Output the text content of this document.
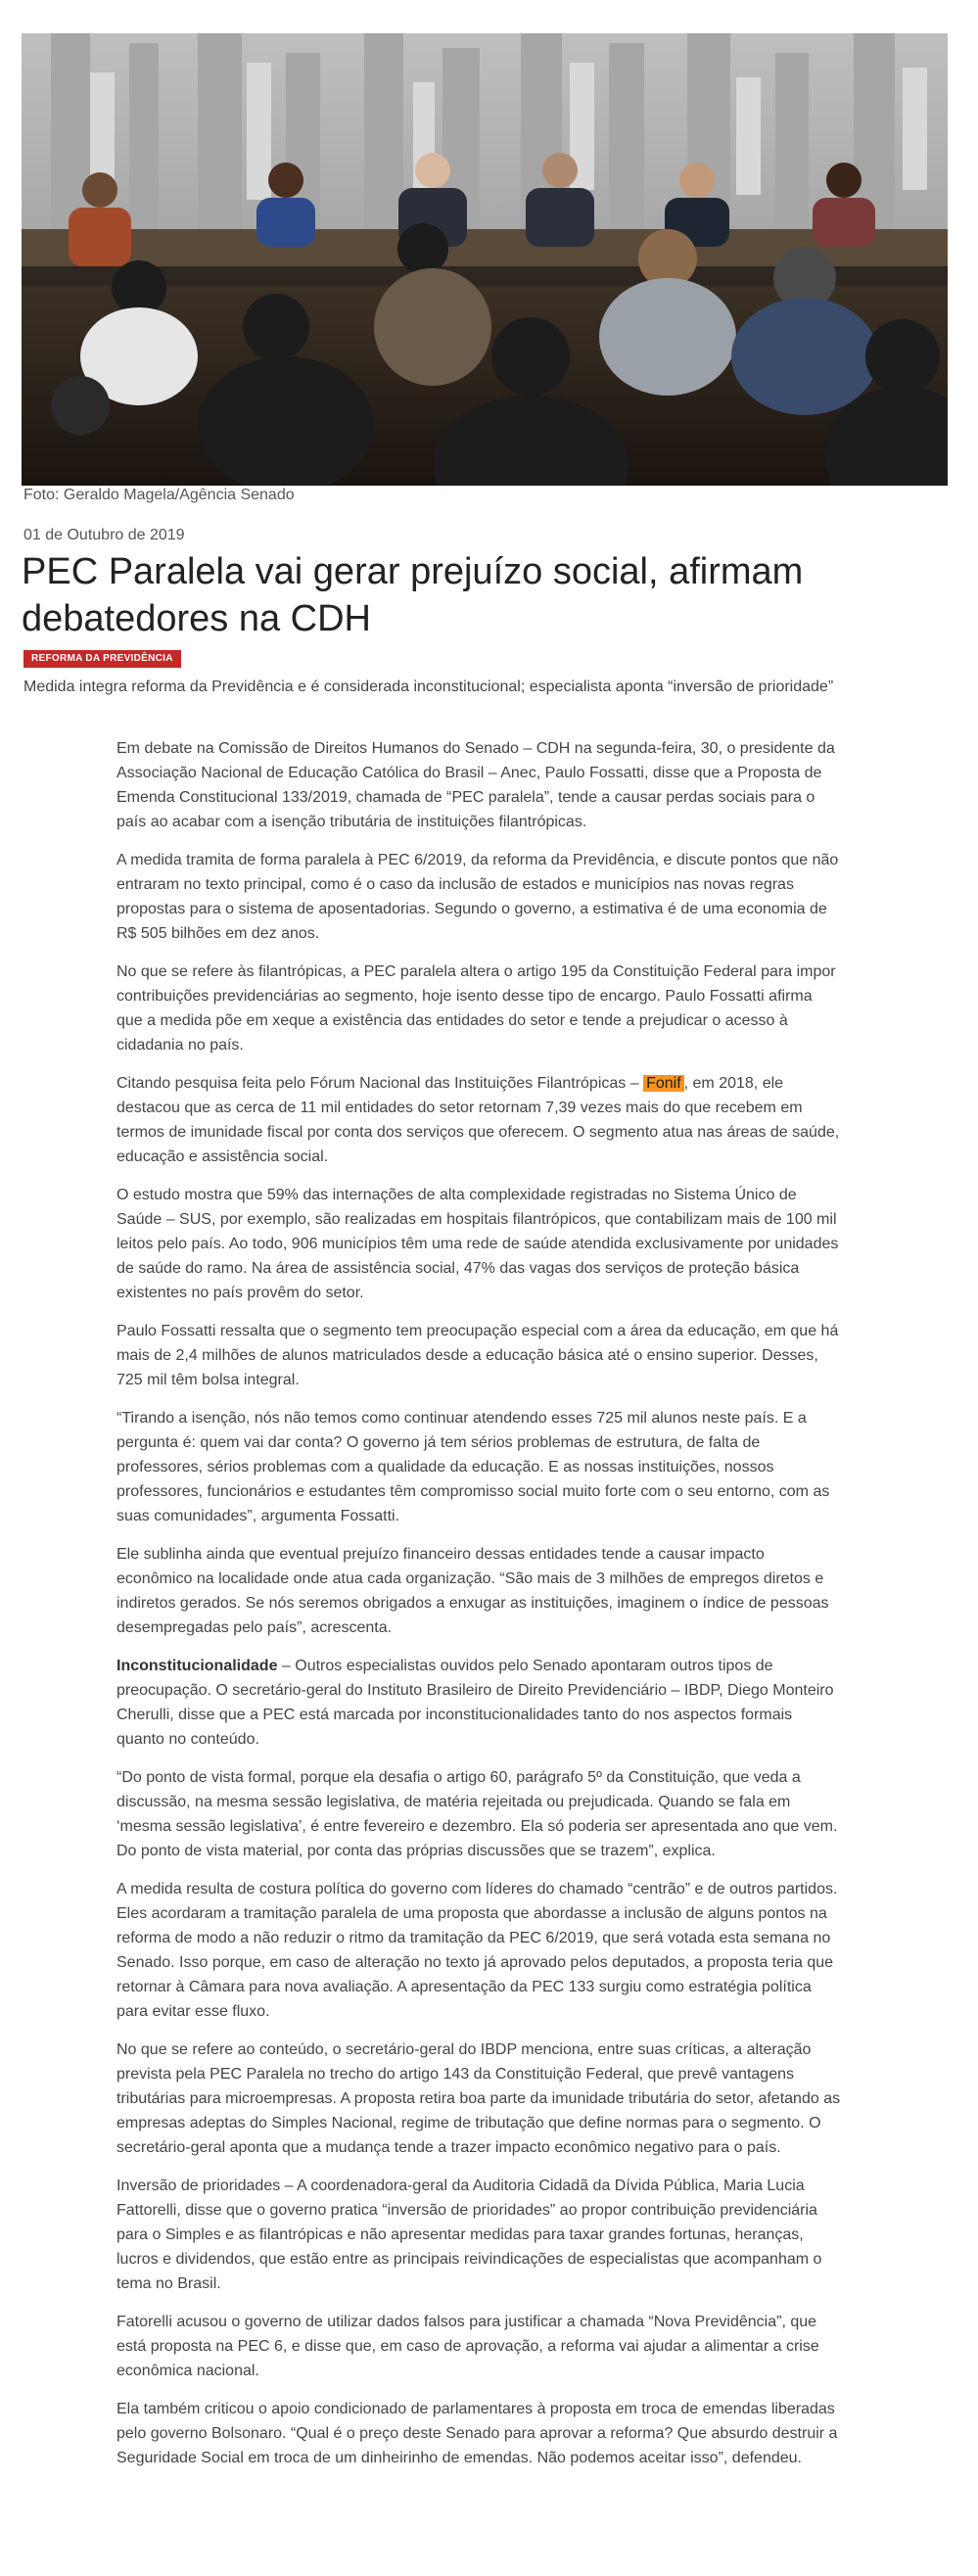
Foto: Geraldo Magela/Agência Senado
01 de Outubro de 2019
PEC Paralela vai gerar prejuízo social, afirmam debatedores na CDH
REFORMA DA PREVIDÊNCIA
Medida integra reforma da Previdência e é considerada inconstitucional; especialista aponta “inversão de prioridade”

Em debate na Comissão de Direitos Humanos do Senado – CDH na segunda-feira, 30, o presidente da Associação Nacional de Educação Católica do Brasil – Anec, Paulo Fossatti, disse que a Proposta de Emenda Constitucional 133/2019, chamada de “PEC paralela”, tende a causar perdas sociais para o país ao acabar com a isenção tributária de instituições filantrópicas.

A medida tramita de forma paralela à PEC 6/2019, da reforma da Previdência, e discute pontos que não entraram no texto principal, como é o caso da inclusão de estados e municípios nas novas regras propostas para o sistema de aposentadorias. Segundo o governo, a estimativa é de uma economia de R$ 505 bilhões em dez anos.

No que se refere às filantrópicas, a PEC paralela altera o artigo 195 da Constituição Federal para impor contribuições previdenciárias ao segmento, hoje isento desse tipo de encargo. Paulo Fossatti afirma que a medida põe em xeque a existência das entidades do setor e tende a prejudicar o acesso à cidadania no país.

Citando pesquisa feita pelo Fórum Nacional das Instituições Filantrópicas – Fonif , em 2018, ele destacou que as cerca de 11 mil entidades do setor retornam 7,39 vezes mais do que recebem em termos de imunidade fiscal por conta dos serviços que oferecem. O segmento atua nas áreas de saúde, educação e assistência social.

O estudo mostra que 59% das internações de alta complexidade registradas no Sistema Único de Saúde – SUS, por exemplo, são realizadas em hospitais filantrópicos, que contabilizam mais de 100 mil leitos pelo país. Ao todo, 906 municípios têm uma rede de saúde atendida exclusivamente por unidades de saúde do ramo. Na área de assistência social, 47% das vagas dos serviços de proteção básica existentes no país provêm do setor.

Paulo Fossatti ressalta que o segmento tem preocupação especial com a área da educação, em que há mais de 2,4 milhões de alunos matriculados desde a educação básica até o ensino superior. Desses, 725 mil têm bolsa integral.

“Tirando a isenção, nós não temos como continuar atendendo esses 725 mil alunos neste país. E a pergunta é: quem vai dar conta? O governo já tem sérios problemas de estrutura, de falta de professores, sérios problemas com a qualidade da educação. E as nossas instituições, nossos professores, funcionários e estudantes têm compromisso social muito forte com o seu entorno, com as suas comunidades”, argumenta Fossatti.

Ele sublinha ainda que eventual prejuízo financeiro dessas entidades tende a causar impacto econômico na localidade onde atua cada organização. “São mais de 3 milhões de empregos diretos e indiretos gerados. Se nós seremos obrigados a enxugar as instituições, imaginem o índice de pessoas desempregadas pelo país”, acrescenta.

Inconstitucionalidade – Outros especialistas ouvidos pelo Senado apontaram outros tipos de preocupação. O secretário-geral do Instituto Brasileiro de Direito Previdenciário – IBDP, Diego Monteiro Cherulli, disse que a PEC está marcada por inconstitucionalidades tanto do nos aspectos formais quanto no conteúdo.

“Do ponto de vista formal, porque ela desafia o artigo 60, parágrafo 5º da Constituição, que veda a discussão, na mesma sessão legislativa, de matéria rejeitada ou prejudicada. Quando se fala em ‘mesma sessão legislativa’, é entre fevereiro e dezembro. Ela só poderia ser apresentada ano que vem. Do ponto de vista material, por conta das próprias discussões que se trazem”, explica.

A medida resulta de costura política do governo com líderes do chamado “centrão” e de outros partidos. Eles acordaram a tramitação paralela de uma proposta que abordasse a inclusão de alguns pontos na reforma de modo a não reduzir o ritmo da tramitação da PEC 6/2019, que será votada esta semana no Senado. Isso porque, em caso de alteração no texto já aprovado pelos deputados, a proposta teria que retornar à Câmara para nova avaliação. A apresentação da PEC 133 surgiu como estratégia política para evitar esse fluxo.

No que se refere ao conteúdo, o secretário-geral do IBDP menciona, entre suas críticas, a alteração prevista pela PEC Paralela no trecho do artigo 143 da Constituição Federal, que prevê vantagens tributárias para microempresas. A proposta retira boa parte da imunidade tributária do setor, afetando as empresas adeptas do Simples Nacional, regime de tributação que define normas para o segmento. O secretário-geral aponta que a mudança tende a trazer impacto econômico negativo para o país.

Inversão de prioridades – A coordenadora-geral da Auditoria Cidadã da Dívida Pública, Maria Lucia Fattorelli, disse que o governo pratica “inversão de prioridades” ao propor contribuição previdenciária para o Simples e as filantrópicas e não apresentar medidas para taxar grandes fortunas, heranças, lucros e dividendos, que estão entre as principais reivindicações de especialistas que acompanham o tema no Brasil.

Fatorelli acusou o governo de utilizar dados falsos para justificar a chamada “Nova Previdência”, que está proposta na PEC 6, e disse que, em caso de aprovação, a reforma vai ajudar a alimentar a crise econômica nacional.

Ela também criticou o apoio condicionado de parlamentares à proposta em troca de emendas liberadas pelo governo Bolsonaro. “Qual é o preço deste Senado para aprovar a reforma? Que absurdo destruir a Seguridade Social em troca de um dinheirinho de emendas. Não podemos aceitar isso”, defendeu.
